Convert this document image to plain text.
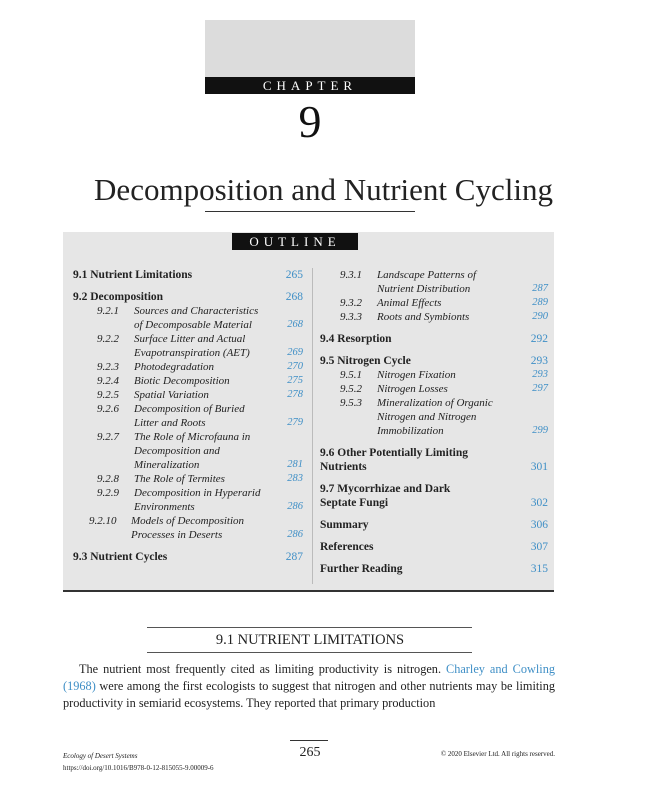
CHAPTER
9
Decomposition and Nutrient Cycling
OUTLINE
9.1 Nutrient Limitations	265
9.2 Decomposition	268
9.2.1	Sources and Characteristics of Decomposable Material	268
9.2.2	Surface Litter and Actual Evapotranspiration (AET)	269
9.2.3	Photodegradation	270
9.2.4	Biotic Decomposition	275
9.2.5	Spatial Variation	278
9.2.6	Decomposition of Buried Litter and Roots	279
9.2.7	The Role of Microfauna in Decomposition and Mineralization	281
9.2.8	The Role of Termites	283
9.2.9	Decomposition in Hyperarid Environments	286
9.2.10	Models of Decomposition Processes in Deserts	286
9.3 Nutrient Cycles	287
9.3.1	Landscape Patterns of Nutrient Distribution	287
9.3.2	Animal Effects	289
9.3.3	Roots and Symbionts	290
9.4 Resorption	292
9.5 Nitrogen Cycle	293
9.5.1	Nitrogen Fixation	293
9.5.2	Nitrogen Losses	297
9.5.3	Mineralization of Organic Nitrogen and Nitrogen Immobilization	299
9.6 Other Potentially Limiting Nutrients	301
9.7 Mycorrhizae and Dark Septate Fungi	302
Summary	306
References	307
Further Reading	315
9.1 NUTRIENT LIMITATIONS

The nutrient most frequently cited as limiting productivity is nitrogen. Charley and Cowling (1968) were among the first ecologists to suggest that nitrogen and other nutrients may be limiting productivity in semiarid ecosystems. They reported that primary production

265
Ecology of Desert Systems
https://doi.org/10.1016/B978-0-12-815055-9.00009-6
© 2020 Elsevier Ltd. All rights reserved.
